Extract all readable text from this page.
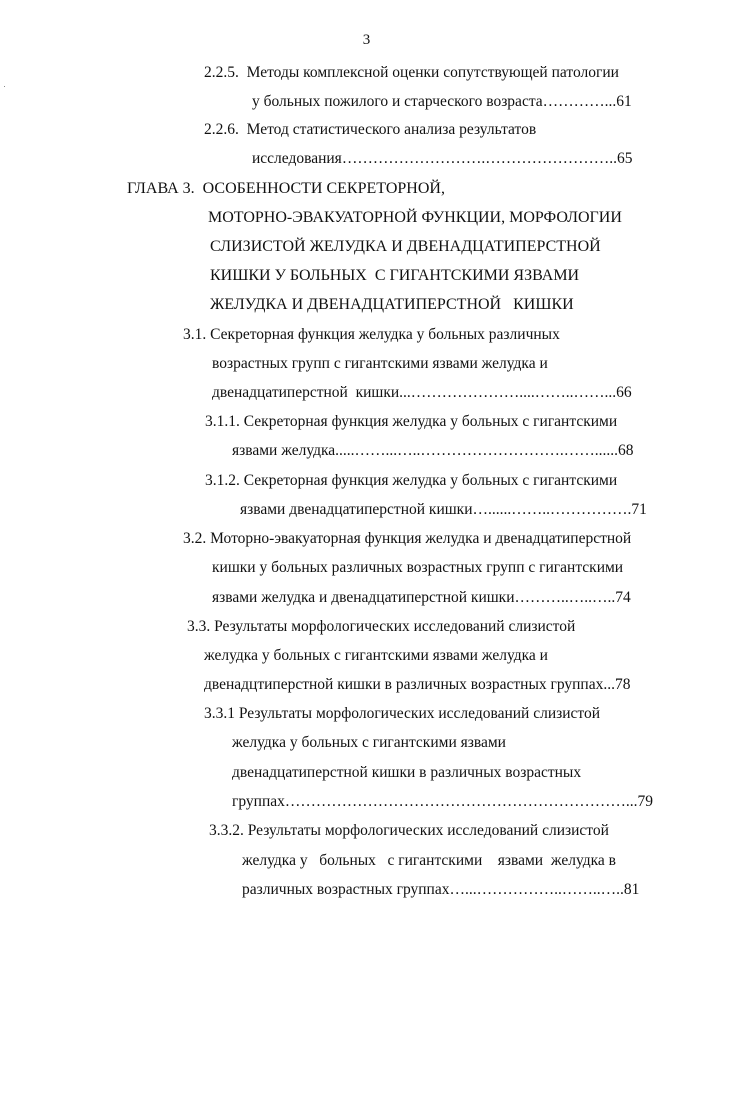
3
2.2.5.  Методы комплексной оценки сопутствующей патологии
у больных пожилого и старческого возраста…………...61
2.2.6.  Метод статистического анализа результатов
исследования……………………….……………………..65
ГЛАВА 3.  ОСОБЕННОСТИ СЕКРЕТОРНОЙ,
МОТОРНО-ЭВАКУАТОРНОЙ ФУНКЦИИ, МОРФОЛОГИИ
СЛИЗИСТОЙ ЖЕЛУДКА И ДВЕНАДЦАТИПЕРСТНОЙ
КИШКИ У БОЛЬНЫХ  С ГИГАНТСКИМИ ЯЗВАМИ
ЖЕЛУДКА И ДВЕНАДЦАТИПЕРСТНОЙ   КИШКИ
3.1. Секреторная функция желудка у больных различных
возрастных групп с гигантскими язвами желудка и
двенадцатиперстной  кишки...…………………....……..……...66
3.1.1. Секреторная функция желудка у больных с гигантскими
язвами желудка.....……...…..……………………….……......68
3.1.2. Секреторная функция желудка у больных с гигантскими
язвами двенадцатиперстной кишки…......……..…………….71
3.2. Моторно-эвакуаторная функция желудка и двенадцатиперстной
кишки у больных различных возрастных групп с гигантскими
язвами желудка и двенадцатиперстной кишки………..…..…..74
3.3. Результаты морфологических исследований слизистой
желудка у больных с гигантскими язвами желудка и
двенадцтиперстной кишки в различных возрастных группах...78
3.3.1 Результаты морфологических исследований слизистой
желудка у больных с гигантскими язвами
двенадцатиперстной кишки в различных возрастных
группах…………………………………………………………...79
3.3.2. Результаты морфологических исследований слизистой
желудка у   больных   с гигантскими    язвами  желудка в
различных возрастных группах…...……………..……..…..81
